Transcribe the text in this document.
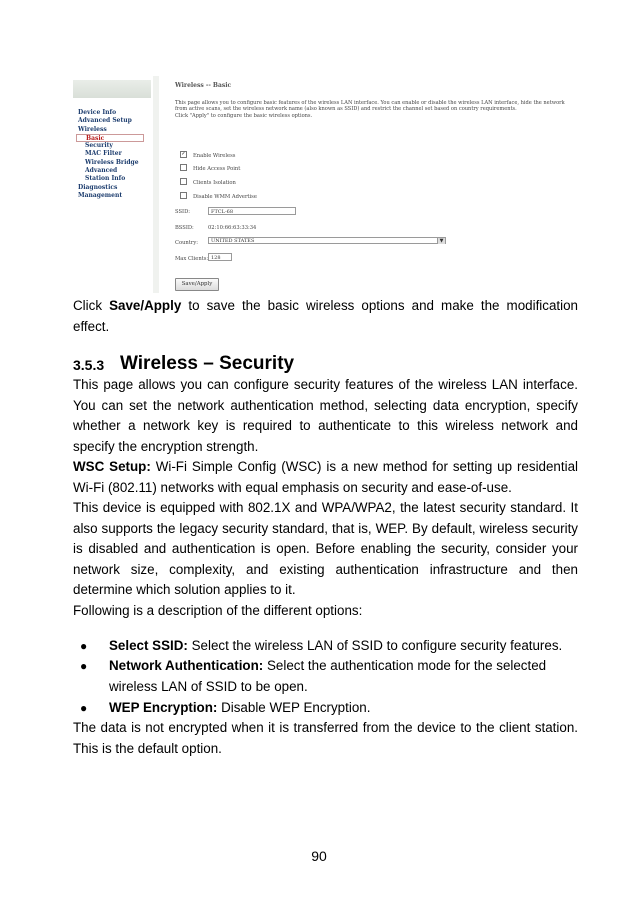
Device Info
Advanced Setup
Wireless
Basic
Security
MAC Filter
Wireless Bridge
Advanced
Station Info
Diagnostics
Management
Wireless -- Basic
This page allows you to configure basic features of the wireless LAN interface. You can enable or disable the wireless LAN interface, hide the network from active scans, set the wireless network name (also known as SSID) and restrict the channel set based on country requirements.
Click "Apply" to configure the basic wireless options.
✓ Enable Wireless
Hide Access Point
Clients Isolation
Disable WMM Advertise
SSID:	FTCL-68
BSSID:	02:10:66:63:33:34
Country:	UNITED STATES	▼
Max Clients: 128
Save/Apply
Click Save/Apply to save the basic wireless options and make the modification effect.
3.5.3 Wireless – Security
This page allows you can configure security features of the wireless LAN interface. You can set the network authentication method, selecting data encryption, specify whether a network key is required to authenticate to this wireless network and specify the encryption strength.
WSC Setup: Wi-Fi Simple Config (WSC) is a new method for setting up residential Wi-Fi (802.11) networks with equal emphasis on security and ease-of-use.
This device is equipped with 802.1X and WPA/WPA2, the latest security standard. It also supports the legacy security standard, that is, WEP. By default, wireless security is disabled and authentication is open. Before enabling the security, consider your network size, complexity, and existing authentication infrastructure and then determine which solution applies to it.
Following is a description of the different options:
● Select SSID: Select the wireless LAN of SSID to configure security features.
● Network Authentication: Select the authentication mode for the selected wireless LAN of SSID to be open.
● WEP Encryption: Disable WEP Encryption.
The data is not encrypted when it is transferred from the device to the client station. This is the default option.
90
